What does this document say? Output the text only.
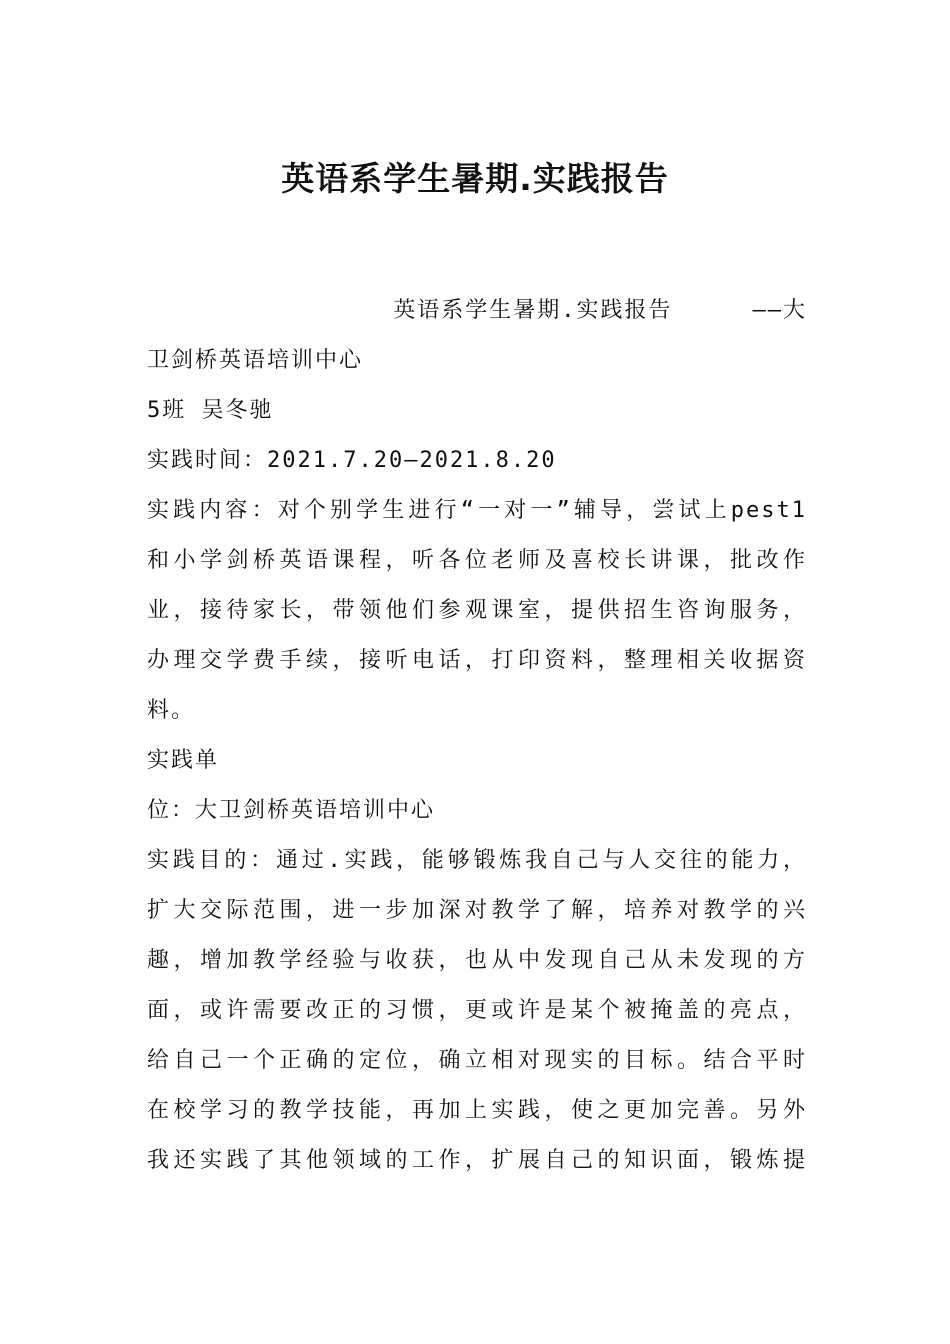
英语系学生暑期.实践报告
英语系学生暑期.实践报告	——大
卫剑桥英语培训中心
5班 吴冬驰
实践时间：2021.7.20—2021.8.20
实践内容：对个别学生进行“一对一”辅导，尝试上pest1
和小学剑桥英语课程，听各位老师及喜校长讲课，批改作
业，接待家长，带领他们参观课室，提供招生咨询服务，
办理交学费手续，接听电话，打印资料，整理相关收据资
料。
实践单
位：大卫剑桥英语培训中心
实践目的：通过.实践，能够锻炼我自己与人交往的能力，
扩大交际范围，进一步加深对教学了解，培养对教学的兴
趣，增加教学经验与收获，也从中发现自己从未发现的方
面，或许需要改正的习惯，更或许是某个被掩盖的亮点，
给自己一个正确的定位，确立相对现实的目标。结合平时
在校学习的教学技能，再加上实践，使之更加完善。另外
我还实践了其他领域的工作，扩展自己的知识面，锻炼提
